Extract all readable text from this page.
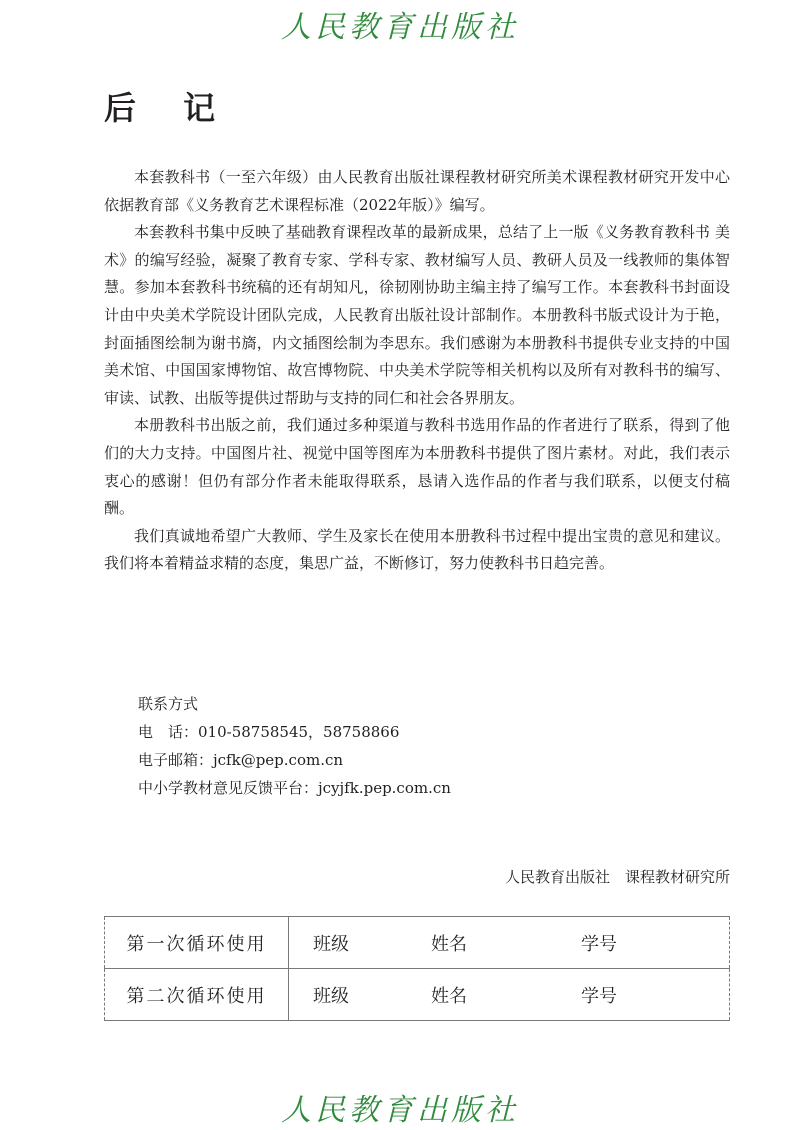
人民教育出版社
后 记

本套教科书（一至六年级）由人民教育出版社课程教材研究所美术课程教材研究开发中心依据教育部《义务教育艺术课程标准（2022年版）》编写。

本套教科书集中反映了基础教育课程改革的最新成果，总结了上一版《义务教育教科书 美术》的编写经验，凝聚了教育专家、学科专家、教材编写人员、教研人员及一线教师的集体智慧。参加本套教科书统稿的还有胡知凡，徐韧刚协助主编主持了编写工作。本套教科书封面设计由中央美术学院设计团队完成，人民教育出版社设计部制作。本册教科书版式设计为于艳，封面插图绘制为谢书旖，内文插图绘制为李思东。我们感谢为本册教科书提供专业支持的中国美术馆、中国国家博物馆、故宫博物院、中央美术学院等相关机构以及所有对教科书的编写、审读、试教、出版等提供过帮助与支持的同仁和社会各界朋友。

本册教科书出版之前，我们通过多种渠道与教科书选用作品的作者进行了联系，得到了他们的大力支持。中国图片社、视觉中国等图库为本册教科书提供了图片素材。对此，我们表示衷心的感谢！但仍有部分作者未能取得联系，恳请入选作品的作者与我们联系，以便支付稿酬。

我们真诚地希望广大教师、学生及家长在使用本册教科书过程中提出宝贵的意见和建议。我们将本着精益求精的态度，集思广益，不断修订，努力使教科书日趋完善。

联系方式
电　话：010-58758545，58758866
电子邮箱：jcfk@pep.com.cn
中小学教材意见反馈平台：jcyjfk.pep.com.cn
人民教育出版社　课程教材研究所
第一次循环使用	班级	姓名	学号
第二次循环使用	班级	姓名	学号
人民教育出版社
